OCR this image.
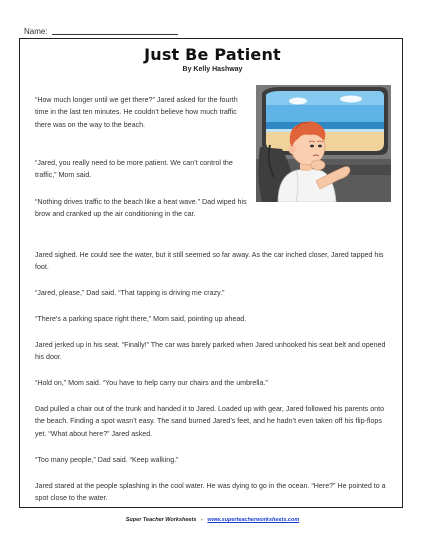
Name:
Just Be Patient
By Kelly Hashway

“How much longer until we get there?” Jared asked for the fourth time in the last ten minutes. He couldn’t believe how much traffic there was on the way to the beach.

“Jared, you really need to be more patient. We can’t control the traffic,” Mom said.

“Nothing drives traffic to the beach like a heat wave.” Dad wiped his brow and cranked up the air conditioning in the car.

Jared sighed. He could see the water, but it still seemed so far away. As the car inched closer, Jared tapped his foot.

“Jared, please,” Dad said. “That tapping is driving me crazy.”

“There’s a parking space right there,” Mom said, pointing up ahead.

Jared jerked up in his seat. “Finally!” The car was barely parked when Jared unhooked his seat belt and opened his door.

“Hold on,” Mom said. “You have to help carry our chairs and the umbrella.”

Dad pulled a chair out of the trunk and handed it to Jared. Loaded up with gear, Jared followed his parents onto the beach. Finding a spot wasn’t easy. The sand burned Jared’s feet, and he hadn’t even taken off his flip-flops yet. “What about here?” Jared asked.

“Too many people,” Dad said. “Keep walking.”

Jared stared at the people splashing in the cool water. He was dying to go in the ocean. “Here?” He pointed to a spot close to the water.

Super Teacher Worksheets - www.superteacherworksheets.com
